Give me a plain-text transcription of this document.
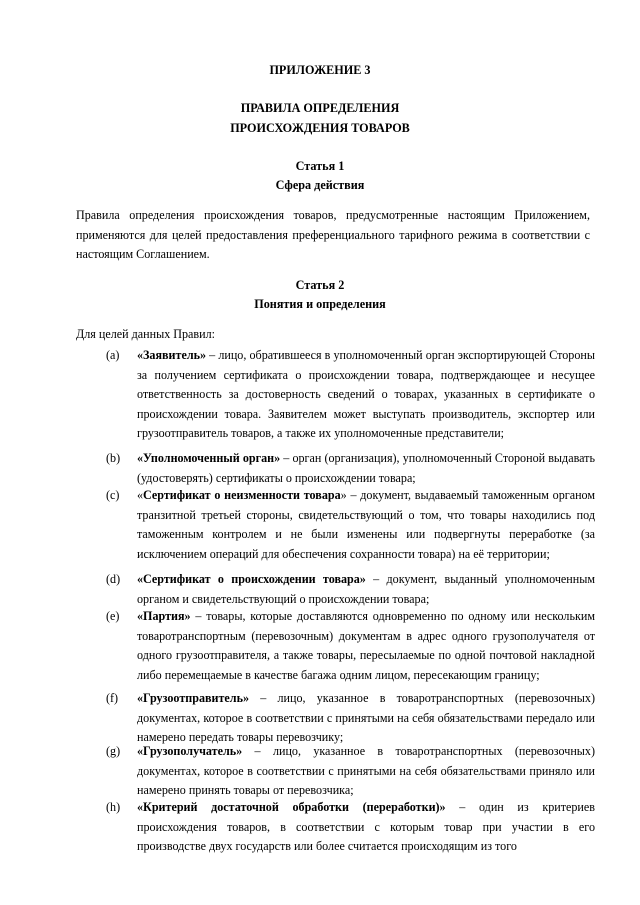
ПРИЛОЖЕНИЕ 3
ПРАВИЛА ОПРЕДЕЛЕНИЯ
ПРОИСХОЖДЕНИЯ ТОВАРОВ
Статья 1
Сфера действия
Правила определения происхождения товаров, предусмотренные настоящим Приложением, применяются для целей предоставления преференциального тарифного режима в соответствии с настоящим Соглашением.
Статья 2
Понятия и определения
Для целей данных Правил:
(a) «Заявитель» – лицо, обратившееся в уполномоченный орган экспортирующей Стороны за получением сертификата о происхождении товара, подтверждающее и несущее ответственность за достоверность сведений о товарах, указанных в сертификате о происхождении товара. Заявителем может выступать производитель, экспортер или грузоотправитель товаров, а также их уполномоченные представители;
(b) «Уполномоченный орган» – орган (организация), уполномоченный Стороной выдавать (удостоверять) сертификаты о происхождении товара;
(c) «Сертификат о неизменности товара» – документ, выдаваемый таможенным органом транзитной третьей стороны, свидетельствующий о том, что товары находились под таможенным контролем и не были изменены или подвергнуты переработке (за исключением операций для обеспечения сохранности товара) на её территории;
(d) «Сертификат о происхождении товара» – документ, выданный уполномоченным органом и свидетельствующий о происхождении товара;
(e) «Партия» – товары, которые доставляются одновременно по одному или нескольким товаротранспортным (перевозочным) документам в адрес одного грузополучателя от одного грузоотправителя, а также товары, пересылаемые по одной почтовой накладной либо перемещаемые в качестве багажа одним лицом, пересекающим границу;
(f) «Грузоотправитель» – лицо, указанное в товаротранспортных (перевозочных) документах, которое в соответствии с принятыми на себя обязательствами передало или намерено передать товары перевозчику;
(g) «Грузополучатель» – лицо, указанное в товаротранспортных (перевозочных) документах, которое в соответствии с принятыми на себя обязательствами приняло или намерено принять товары от перевозчика;
(h) «Критерий достаточной обработки (переработки)» – один из критериев происхождения товаров, в соответствии с которым товар при участии в его производстве двух государств или более считается происходящим из того
